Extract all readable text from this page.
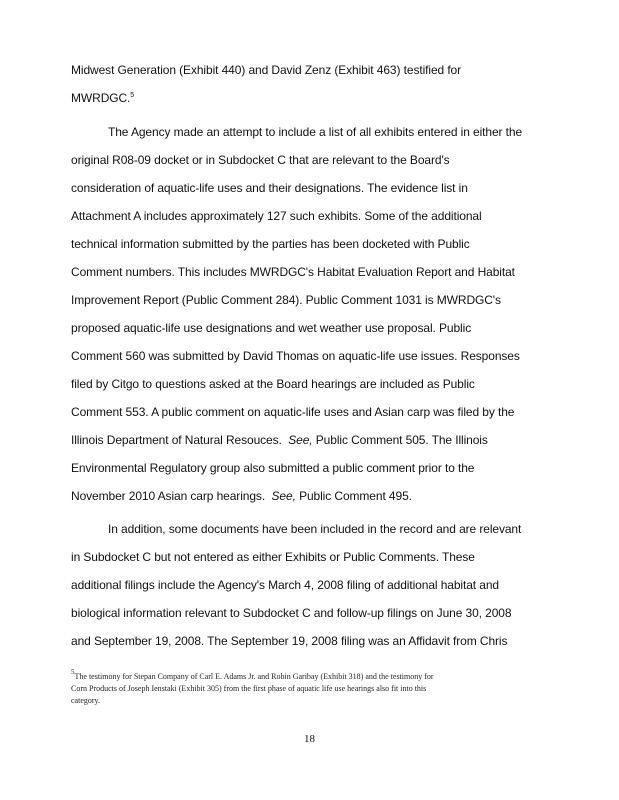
Midwest Generation (Exhibit 440) and David Zenz (Exhibit 463) testified for
MWRDGC.$^5$
The Agency made an attempt to include a list of all exhibits entered in either the
original R08-09 docket or in Subdocket C that are relevant to the Board's
consideration of aquatic-life uses and their designations. The evidence list in
Attachment A includes approximately 127 such exhibits. Some of the additional
technical information submitted by the parties has been docketed with Public
Comment numbers. This includes MWRDGC's Habitat Evaluation Report and Habitat
Improvement Report (Public Comment 284). Public Comment 1031 is MWRDGC's
proposed aquatic-life use designations and wet weather use proposal. Public
Comment 560 was submitted by David Thomas on aquatic-life use issues. Responses
filed by Citgo to questions asked at the Board hearings are included as Public
Comment 553. A public comment on aquatic-life uses and Asian carp was filed by the
Illinois Department of Natural Resouces. See, Public Comment 505. The Illinois
Environmental Regulatory group also submitted a public comment prior to the
November 2010 Asian carp hearings. See, Public Comment 495.
In addition, some documents have been included in the record and are relevant
in Subdocket C but not entered as either Exhibits or Public Comments. These
additional filings include the Agency's March 4, 2008 filing of additional habitat and
biological information relevant to Subdocket C and follow-up filings on June 30, 2008
and September 19, 2008. The September 19, 2008 filing was an Affidavit from Chris
$^5$The testimony for Stepan Company of Carl E. Adams Jr. and Robin Garibay (Exhibit 318) and the testimony for
Corn Products of Joseph Ienstaki (Exhibit 305) from the first phase of aquatic life use hearings also fit into this
category.
18
